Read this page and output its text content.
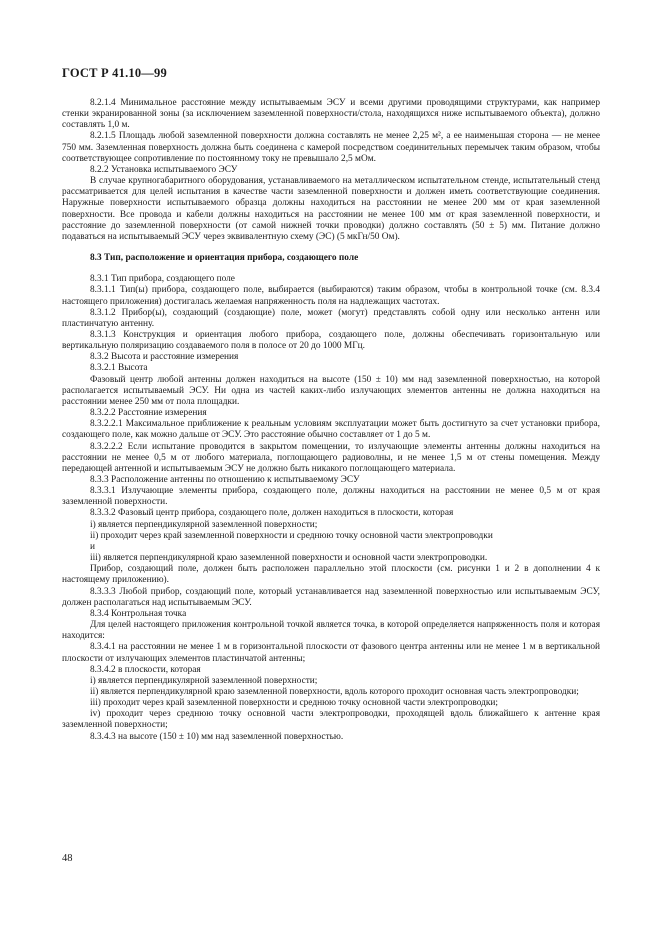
ГОСТ Р 41.10—99

8.2.1.4 Минимальное расстояние между испытываемым ЭСУ и всеми другими проводящими структурами, как например стенки экранированной зоны (за исключением заземленной поверхности/стола, находящихся ниже испытываемого объекта), должно составлять 1,0 м.

8.2.1.5 Площадь любой заземленной поверхности должна составлять не менее 2,25 м², а ее наименьшая сторона — не менее 750 мм. Заземленная поверхность должна быть соединена с камерой посредством соединительных перемычек таким образом, чтобы соответствующее сопротивление по постоянному току не превышало 2,5 мОм.

8.2.2 Установка испытываемого ЭСУ

В случае крупногабаритного оборудования, устанавливаемого на металлическом испытательном стенде, испытательный стенд рассматривается для целей испытания в качестве части заземленной поверхности и должен иметь соответствующие соединения. Наружные поверхности испытываемого образца должны находиться на расстоянии не менее 200 мм от края заземленной поверхности. Все провода и кабели должны находиться на расстоянии не менее 100 мм от края заземленной поверхности, и расстояние до заземленной поверхности (от самой нижней точки проводки) должно составлять (50 ± 5) мм. Питание должно подаваться на испытываемый ЭСУ через эквивалентную схему (ЭС) (5 мкГн/50 Ом).

8.3 Тип, расположение и ориентация прибора, создающего поле

8.3.1 Тип прибора, создающего поле

8.3.1.1 Тип(ы) прибора, создающего поле, выбирается (выбираются) таким образом, чтобы в контрольной точке (см. 8.3.4 настоящего приложения) достигалась желаемая напряженность поля на надлежащих частотах.

8.3.1.2 Прибор(ы), создающий (создающие) поле, может (могут) представлять собой одну или несколько антенн или пластинчатую антенну.

8.3.1.3 Конструкция и ориентация любого прибора, создающего поле, должны обеспечивать горизонтальную или вертикальную поляризацию создаваемого поля в полосе от 20 до 1000 МГц.

8.3.2 Высота и расстояние измерения

8.3.2.1 Высота

Фазовый центр любой антенны должен находиться на высоте (150 ± 10) мм над заземленной поверхностью, на которой располагается испытываемый ЭСУ. Ни одна из частей каких-либо излучающих элементов антенны не должна находиться на расстоянии менее 250 мм от пола площадки.

8.3.2.2 Расстояние измерения

8.3.2.2.1 Максимальное приближение к реальным условиям эксплуатации может быть достигнуто за счет установки прибора, создающего поле, как можно дальше от ЭСУ. Это расстояние обычно составляет от 1 до 5 м.

8.3.2.2.2 Если испытание проводится в закрытом помещении, то излучающие элементы антенны должны находиться на расстоянии не менее 0,5 м от любого материала, поглощающего радиоволны, и не менее 1,5 м от стены помещения. Между передающей антенной и испытываемым ЭСУ не должно быть никакого поглощающего материала.

8.3.3 Расположение антенны по отношению к испытываемому ЭСУ

8.3.3.1 Излучающие элементы прибора, создающего поле, должны находиться на расстоянии не менее 0,5 м от края заземленной поверхности.

8.3.3.2 Фазовый центр прибора, создающего поле, должен находиться в плоскости, которая

i) является перпендикулярной заземленной поверхности;

ii) проходит через край заземленной поверхности и среднюю точку основной части электропроводки

и

iii) является перпендикулярной краю заземленной поверхности и основной части электропроводки.

Прибор, создающий поле, должен быть расположен параллельно этой плоскости (см. рисунки 1 и 2 в дополнении 4 к настоящему приложению).

8.3.3.3 Любой прибор, создающий поле, который устанавливается над заземленной поверхностью или испытываемым ЭСУ, должен располагаться над испытываемым ЭСУ.

8.3.4 Контрольная точка

Для целей настоящего приложения контрольной точкой является точка, в которой определяется напряженность поля и которая находится:

8.3.4.1 на расстоянии не менее 1 м в горизонтальной плоскости от фазового центра антенны или не менее 1 м в вертикальной плоскости от излучающих элементов пластинчатой антенны;

8.3.4.2 в плоскости, которая

i) является перпендикулярной заземленной поверхности;

ii) является перпендикулярной краю заземленной поверхности, вдоль которого проходит основная часть электропроводки;

iii) проходит через край заземленной поверхности и среднюю точку основной части электропроводки;

iv) проходит через среднюю точку основной части электропроводки, проходящей вдоль ближайшего к антенне края заземленной поверхности;

8.3.4.3 на высоте (150 ± 10) мм над заземленной поверхностью.

48
